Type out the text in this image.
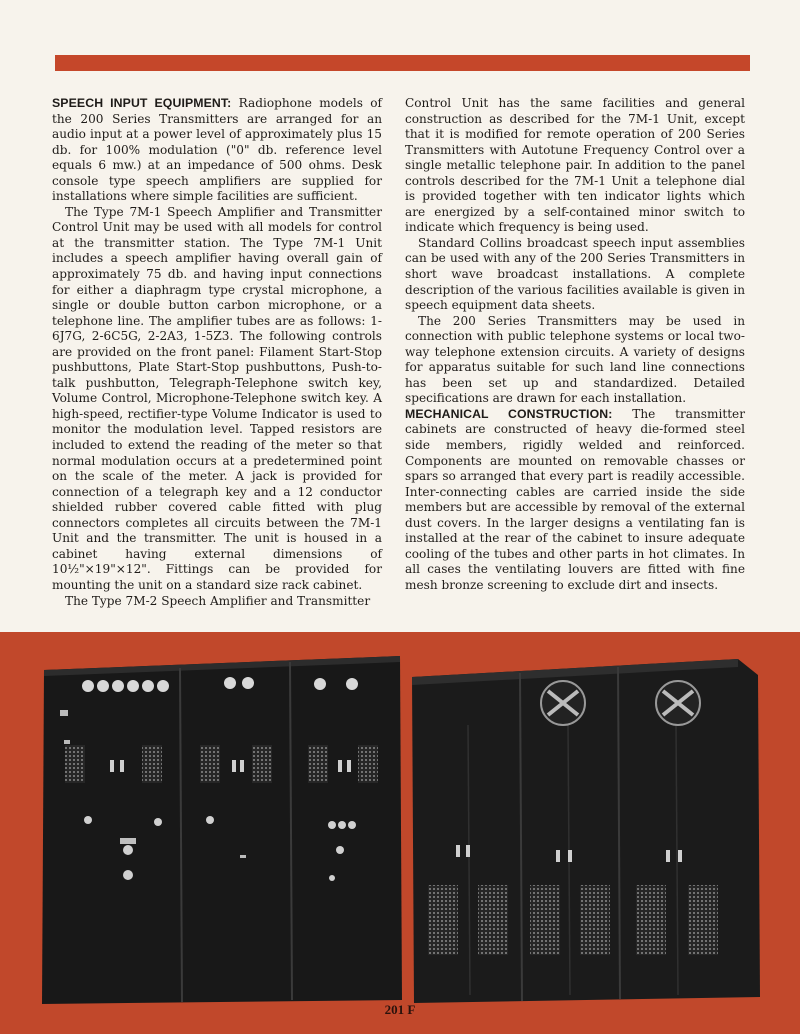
SPEECH INPUT EQUIPMENT: Radiophone models of the 200 Series Transmitters are arranged for an audio input at a power level of approximately plus 15 db. for 100% modulation ("0" db. reference level equals 6 mw.) at an impedance of 500 ohms. Desk console type speech amplifiers are supplied for installations where simple facilities are sufficient.

The Type 7M-1 Speech Amplifier and Transmitter Control Unit may be used with all models for control at the transmitter station. The Type 7M-1 Unit includes a speech amplifier having overall gain of approximately 75 db. and having input connections for either a diaphragm type crystal microphone, a single or double button carbon microphone, or a telephone line. The amplifier tubes are as follows: 1-6J7G, 2-6C5G, 2-2A3, 1-5Z3. The following controls are provided on the front panel: Filament Start-Stop pushbuttons, Plate Start-Stop pushbuttons, Push-to-talk pushbutton, Telegraph-Telephone switch key, Volume Control, Microphone-Telephone switch key. A high-speed, rectifier-type Volume Indicator is used to monitor the modulation level. Tapped resistors are included to extend the reading of the meter so that normal modulation occurs at a predetermined point on the scale of the meter. A jack is provided for connection of a telegraph key and a 12 conductor shielded rubber covered cable fitted with plug connectors completes all circuits between the 7M-1 Unit and the transmitter. The unit is housed in a cabinet having external dimensions of 10½"×19"×12". Fittings can be provided for mounting the unit on a standard size rack cabinet.

The Type 7M-2 Speech Amplifier and Transmitter

Control Unit has the same facilities and general construction as described for the 7M-1 Unit, except that it is modified for remote operation of 200 Series Transmitters with Autotune Frequency Control over a single metallic telephone pair. In addition to the panel controls described for the 7M-1 Unit a telephone dial is provided together with ten indicator lights which are energized by a self-contained minor switch to indicate which frequency is being used.

Standard Collins broadcast speech input assemblies can be used with any of the 200 Series Transmitters in short wave broadcast installations. A complete description of the various facilities available is given in speech equipment data sheets.

The 200 Series Transmitters may be used in connection with public telephone systems or local two-way telephone extension circuits. A variety of designs for apparatus suitable for such land line connections has been set up and standardized. Detailed specifications are drawn for each installation.

MECHANICAL CONSTRUCTION: The transmitter cabinets are constructed of heavy die-formed steel side members, rigidly welded and reinforced. Components are mounted on removable chasses or spars so arranged that every part is readily accessible. Inter-connecting cables are carried inside the side members but are accessible by removal of the external dust covers. In the larger designs a ventilating fan is installed at the rear of the cabinet to insure adequate cooling of the tubes and other parts in hot climates. In all cases the ventilating louvers are fitted with fine mesh bronze screening to exclude dirt and insects.

201 F
